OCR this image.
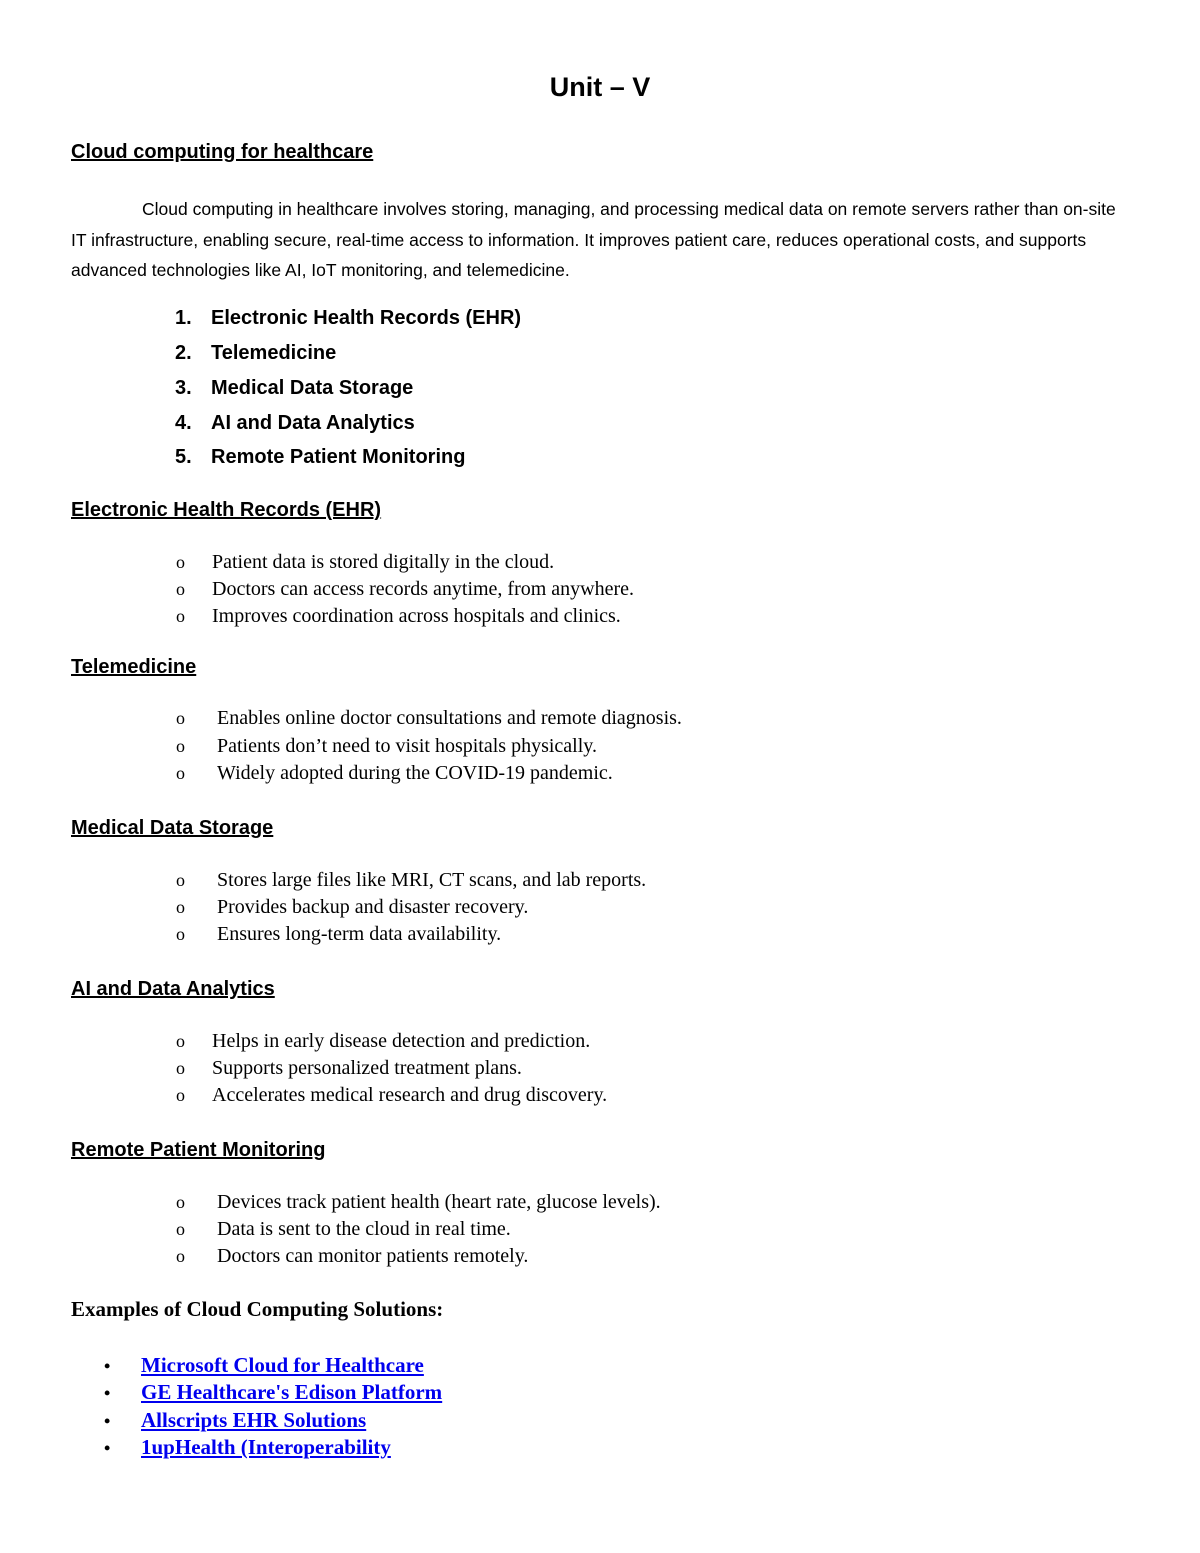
Unit – V
Cloud computing for healthcare
Cloud computing in healthcare involves storing, managing, and processing medical data on remote servers rather than on-site IT infrastructure, enabling secure, real-time access to information. It improves patient care, reduces operational costs, and supports advanced technologies like AI, IoT monitoring, and telemedicine.
1. Electronic Health Records (EHR)
2. Telemedicine
3. Medical Data Storage
4. AI and Data Analytics
5. Remote Patient Monitoring
Electronic Health Records (EHR)
o Patient data is stored digitally in the cloud.
o Doctors can access records anytime, from anywhere.
o Improves coordination across hospitals and clinics.
Telemedicine
o Enables online doctor consultations and remote diagnosis.
o Patients don’t need to visit hospitals physically.
o Widely adopted during the COVID-19 pandemic.
Medical Data Storage
o Stores large files like MRI, CT scans, and lab reports.
o Provides backup and disaster recovery.
o Ensures long-term data availability.
AI and Data Analytics
o Helps in early disease detection and prediction.
o Supports personalized treatment plans.
o Accelerates medical research and drug discovery.
Remote Patient Monitoring
o Devices track patient health (heart rate, glucose levels).
o Data is sent to the cloud in real time.
o Doctors can monitor patients remotely.
Examples of Cloud Computing Solutions:
• Microsoft Cloud for Healthcare
• GE Healthcare's Edison Platform
• Allscripts EHR Solutions
• 1upHealth (Interoperability
